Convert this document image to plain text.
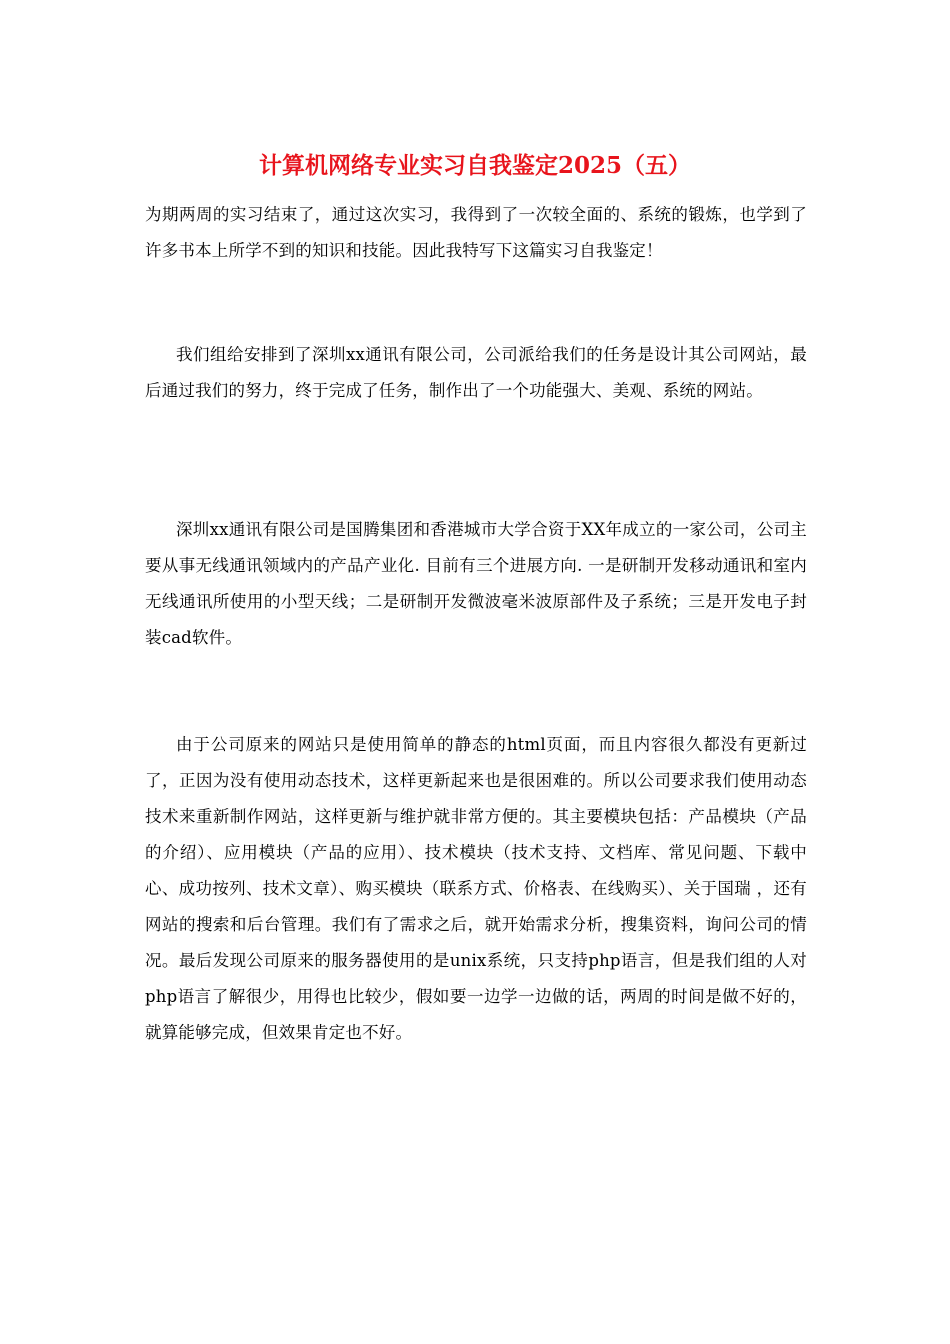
计算机网络专业实习自我鉴定2025（五）

为期两周的实习结束了，通过这次实习，我得到了一次较全面的、系统的锻炼，也学到了许多书本上所学不到的知识和技能。因此我特写下这篇实习自我鉴定！

我们组给安排到了深圳xx通讯有限公司，公司派给我们的任务是设计其公司网站，最后通过我们的努力，终于完成了任务，制作出了一个功能强大、美观、系统的网站。

深圳xx通讯有限公司是国腾集团和香港城市大学合资于XX年成立的一家公司，公司主要从事无线通讯领域内的产品产业化. 目前有三个进展方向. 一是研制开发移动通讯和室内无线通讯所使用的小型天线；二是研制开发微波毫米波原部件及子系统；三是开发电子封装cad软件。

由于公司原来的网站只是使用简单的静态的html页面，而且内容很久都没有更新过了，正因为没有使用动态技术，这样更新起来也是很困难的。所以公司要求我们使用动态技术来重新制作网站，这样更新与维护就非常方便的。其主要模块包括：产品模块（产品的介绍）、应用模块（产品的应用）、技术模块（技术支持、文档库、常见问题、下载中心、成功按列、技术文章）、购买模块（联系方式、价格表、在线购买）、关于国瑞 ，还有网站的搜索和后台管理。我们有了需求之后，就开始需求分析，搜集资料，询问公司的情况。最后发现公司原来的服务器使用的是unix系统，只支持php语言，但是我们组的人对php语言了解很少，用得也比较少，假如要一边学一边做的话，两周的时间是做不好的，就算能够完成，但效果肯定也不好。
